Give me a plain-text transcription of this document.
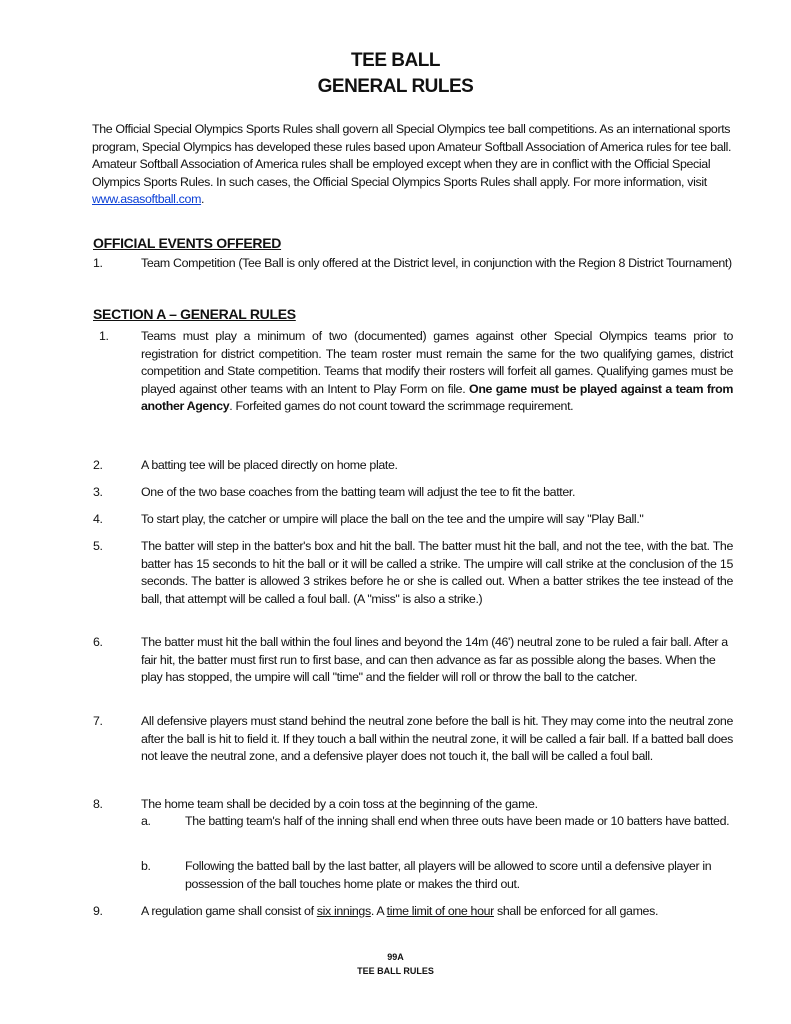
TEE BALL
GENERAL RULES
The Official Special Olympics Sports Rules shall govern all Special Olympics tee ball competitions. As an international sports program, Special Olympics has developed these rules based upon Amateur Softball Association of America rules for tee ball. Amateur Softball Association of America rules shall be employed except when they are in conflict with the Official Special Olympics Sports Rules. In such cases, the Official Special Olympics Sports Rules shall apply. For more information, visit www.asasoftball.com.
OFFICIAL EVENTS OFFERED
1.	Team Competition (Tee Ball is only offered at the District level, in conjunction with the Region 8 District Tournament)
SECTION A – GENERAL RULES
1.	Teams must play a minimum of two (documented) games against other Special Olympics teams prior to registration for district competition. The team roster must remain the same for the two qualifying games, district competition and State competition. Teams that modify their rosters will forfeit all games. Qualifying games must be played against other teams with an Intent to Play Form on file. One game must be played against a team from another Agency. Forfeited games do not count toward the scrimmage requirement.
2.	A batting tee will be placed directly on home plate.
3.	One of the two base coaches from the batting team will adjust the tee to fit the batter.
4.	To start play, the catcher or umpire will place the ball on the tee and the umpire will say "Play Ball."
5.	The batter will step in the batter's box and hit the ball. The batter must hit the ball, and not the tee, with the bat. The batter has 15 seconds to hit the ball or it will be called a strike. The umpire will call strike at the conclusion of the 15 seconds. The batter is allowed 3 strikes before he or she is called out. When a batter strikes the tee instead of the ball, that attempt will be called a foul ball. (A "miss" is also a strike.)
6.	The batter must hit the ball within the foul lines and beyond the 14m (46') neutral zone to be ruled a fair ball. After a fair hit, the batter must first run to first base, and can then advance as far as possible along the bases. When the play has stopped, the umpire will call "time" and the fielder will roll or throw the ball to the catcher.
7.	All defensive players must stand behind the neutral zone before the ball is hit. They may come into the neutral zone after the ball is hit to field it. If they touch a ball within the neutral zone, it will be called a fair ball. If a batted ball does not leave the neutral zone, and a defensive player does not touch it, the ball will be called a foul ball.
8.	The home team shall be decided by a coin toss at the beginning of the game.
a.	The batting team's half of the inning shall end when three outs have been made or 10 batters have batted.
b.	Following the batted ball by the last batter, all players will be allowed to score until a defensive player in possession of the ball touches home plate or makes the third out.
9.	A regulation game shall consist of six innings. A time limit of one hour shall be enforced for all games.
99A
TEE BALL RULES
